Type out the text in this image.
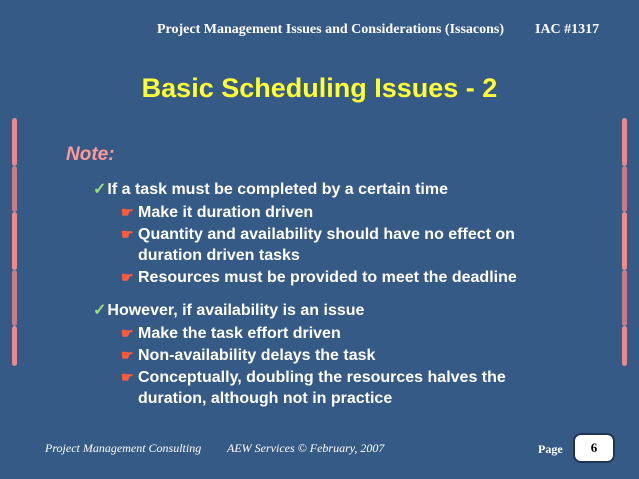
Project Management Issues and Considerations (Issacons) IAC #1317
Basic Scheduling Issues - 2
Note:
✓If a task must be completed by a certain time
☛ Make it duration driven
☛ Quantity and availability should have no effect on
duration driven tasks
☛ Resources must be provided to meet the deadline
✓However, if availability is an issue
☛ Make the task effort driven
☛ Non-availability delays the task
☛ Conceptually, doubling the resources halves the
duration, although not in practice
Project Management Consulting AEW Services © February, 2007	Page	6
